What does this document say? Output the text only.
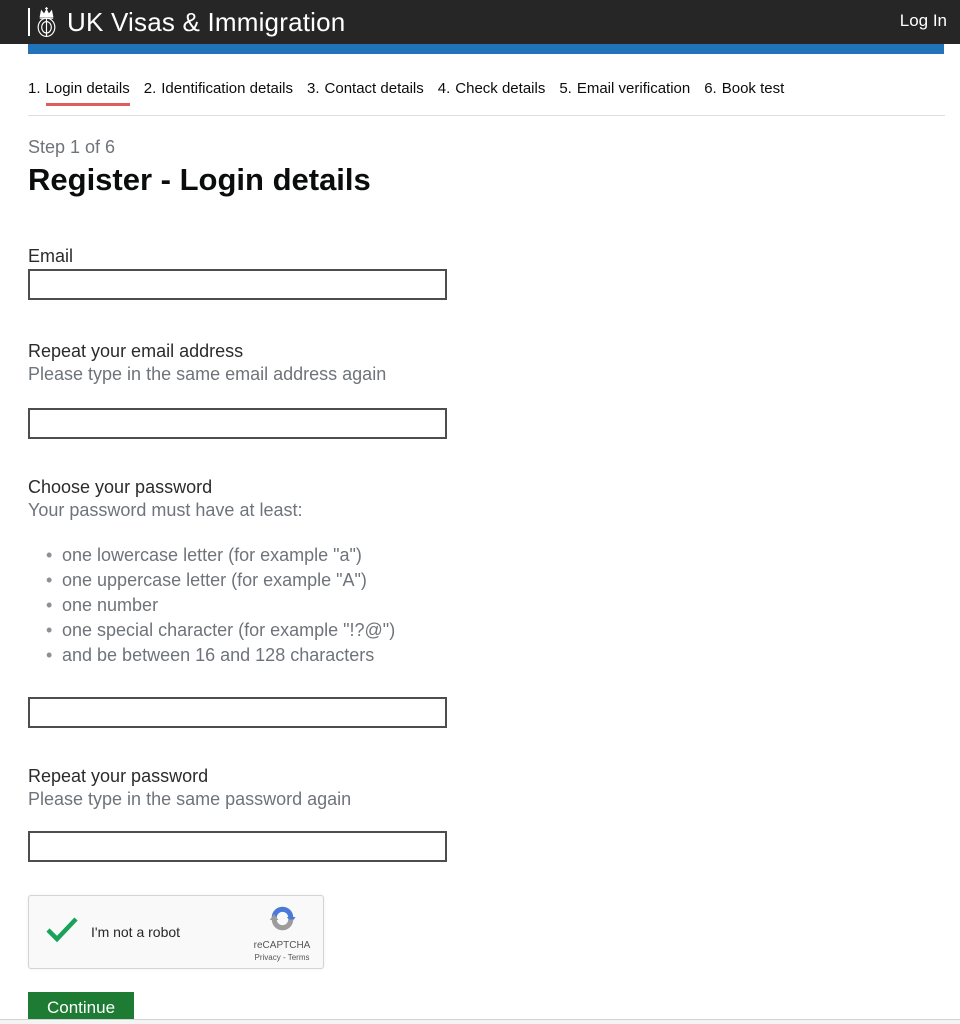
UK Visas & Immigration	Log In
1. Login details 2. Identification details 3. Contact details 4. Check details 5. Email verification 6. Book test
Step 1 of 6
Register - Login details
Email
Repeat your email address
Please type in the same email address again
Choose your password
Your password must have at least:
• one lowercase letter (for example "a")
• one uppercase letter (for example "A")
• one number
• one special character (for example "!?@")
• and be between 16 and 128 characters
Repeat your password
Please type in the same password again
I'm not a robot
reCAPTCHA
Privacy - Terms
Continue
